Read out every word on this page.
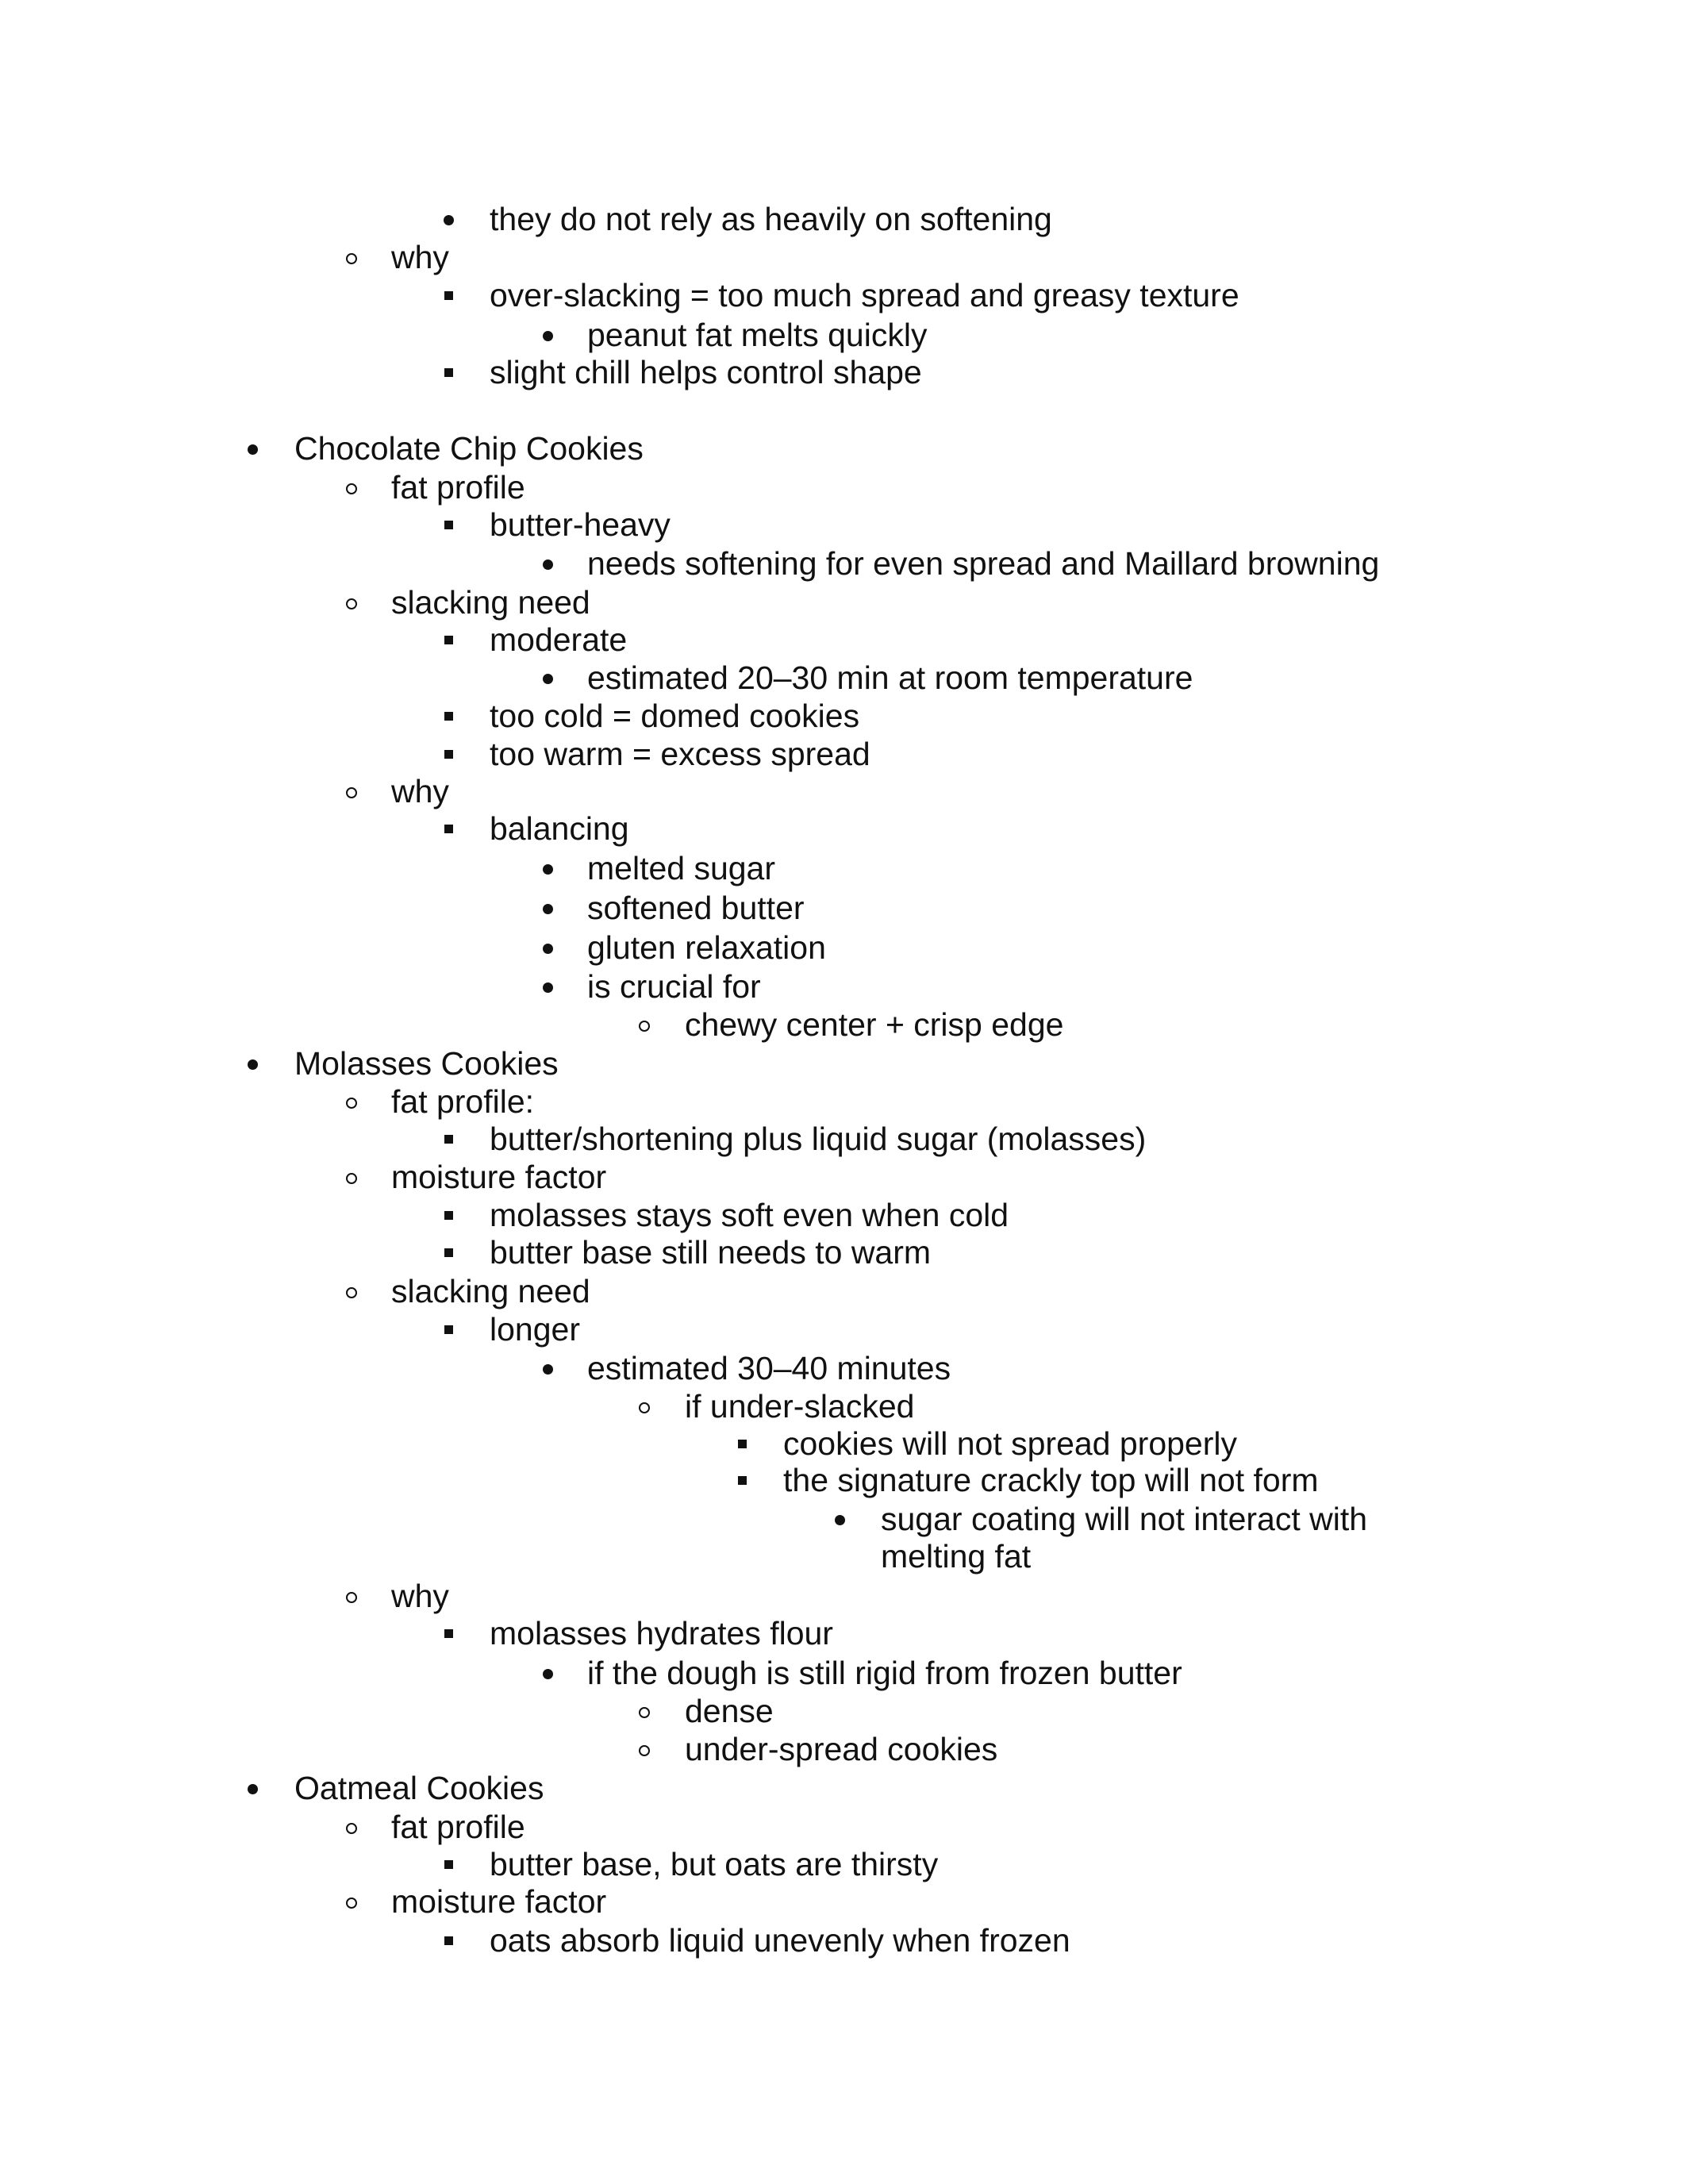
they do not rely as heavily on softening
why
over-slacking = too much spread and greasy texture
peanut fat melts quickly
slight chill helps control shape
Chocolate Chip Cookies
fat profile
butter-heavy
needs softening for even spread and Maillard browning
slacking need
moderate
estimated 20–30 min at room temperature
too cold = domed cookies
too warm = excess spread
why
balancing
melted sugar
softened butter
gluten relaxation
is crucial for
chewy center + crisp edge
Molasses Cookies
fat profile:
butter/shortening plus liquid sugar (molasses)
moisture factor
molasses stays soft even when cold
butter base still needs to warm
slacking need
longer
estimated 30–40 minutes
if under-slacked
cookies will not spread properly
the signature crackly top will not form
sugar coating will not interact with
melting fat
why
molasses hydrates flour
if the dough is still rigid from frozen butter
dense
under-spread cookies
Oatmeal Cookies
fat profile
butter base, but oats are thirsty
moisture factor
oats absorb liquid unevenly when frozen
